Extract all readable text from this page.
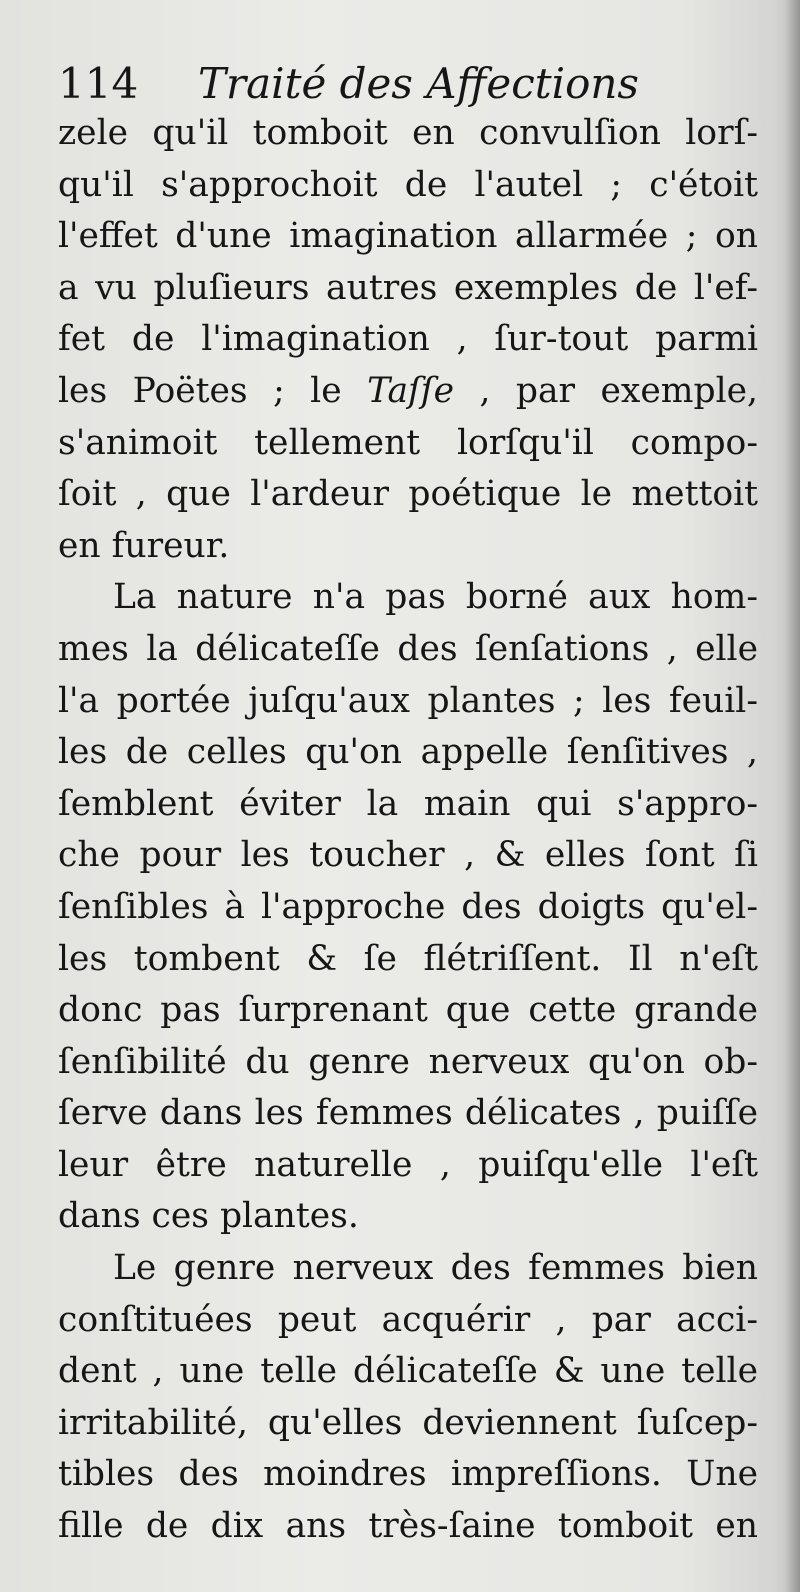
114 Traité des Affections
zele qu'il tomboit en convulſion lorſ-
qu'il s'approchoit de l'autel ; c'étoit
l'effet d'une imagination allarmée ; on
a vu pluſieurs autres exemples de l'ef-
fet de l'imagination , ſur-tout parmi
les Poëtes ; le Taſſe , par exemple,
s'animoit tellement lorſqu'il compo-
ſoit , que l'ardeur poétique le mettoit
en fureur.
La nature n'a pas borné aux hom-
mes la délicateſſe des ſenſations , elle
l'a portée juſqu'aux plantes ; les feuil-
les de celles qu'on appelle ſenſitives ,
ſemblent éviter la main qui s'appro-
che pour les toucher , & elles ſont ſi
ſenſibles à l'approche des doigts qu'el-
les tombent & ſe flétriſſent. Il n'eſt
donc pas ſurprenant que cette grande
ſenſibilité du genre nerveux qu'on ob-
ſerve dans les femmes délicates , puiſſe
leur être naturelle , puiſqu'elle l'eſt
dans ces plantes.
Le genre nerveux des femmes bien
conſtituées peut acquérir , par acci-
dent , une telle délicateſſe & une telle
irritabilité, qu'elles deviennent ſuſcep-
tibles des moindres impreſſions. Une
fille de dix ans très-ſaine tomboit en
